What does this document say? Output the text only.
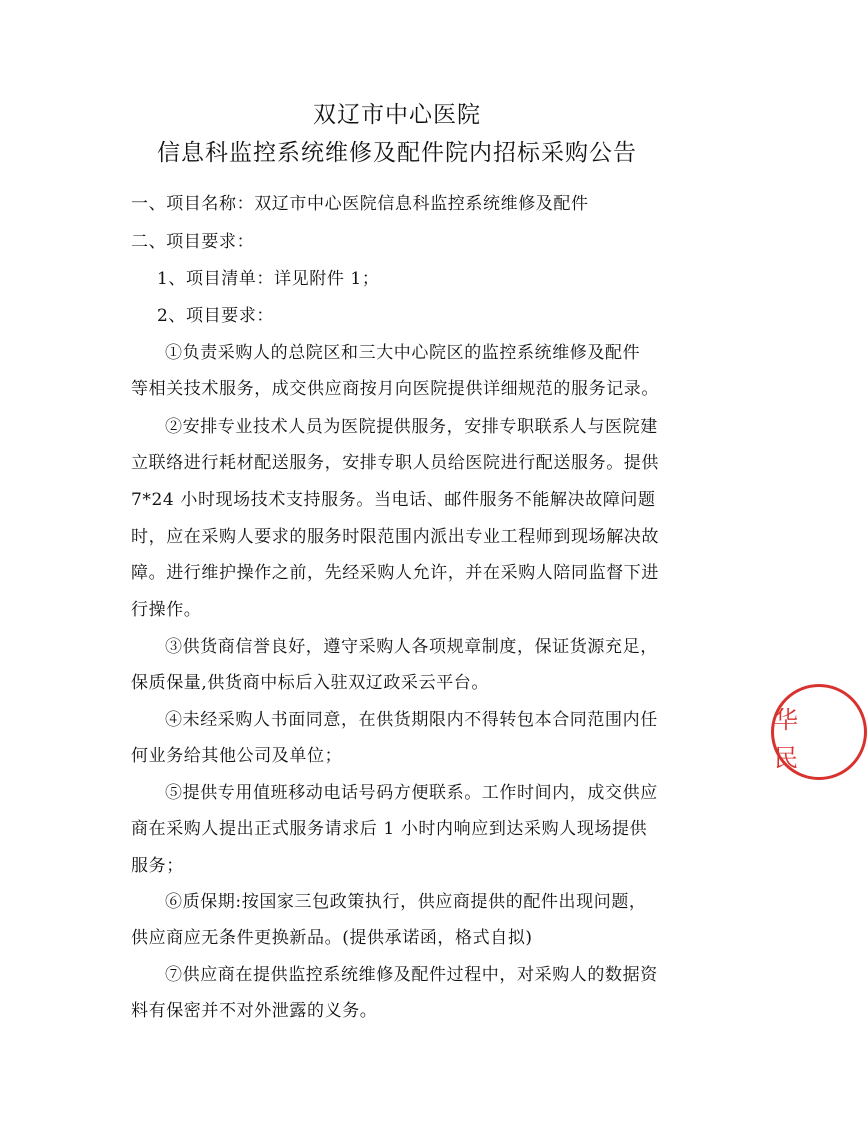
双辽市中心医院
信息科监控系统维修及配件院内招标采购公告
一、项目名称：双辽市中心医院信息科监控系统维修及配件
二、项目要求：
1、项目清单：详见附件 1；
2、项目要求：
①负责采购人的总院区和三大中心院区的监控系统维修及配件
等相关技术服务，成交供应商按月向医院提供详细规范的服务记录。
②安排专业技术人员为医院提供服务，安排专职联系人与医院建
立联络进行耗材配送服务，安排专职人员给医院进行配送服务。提供
7*24 小时现场技术支持服务。当电话、邮件服务不能解决故障问题
时，应在采购人要求的服务时限范围内派出专业工程师到现场解决故
障。进行维护操作之前，先经采购人允许，并在采购人陪同监督下进
行操作。
③供货商信誉良好，遵守采购人各项规章制度，保证货源充足，
保质保量,供货商中标后入驻双辽政采云平台。
④未经采购人书面同意，在供货期限内不得转包本合同范围内任
何业务给其他公司及单位；
⑤提供专用值班移动电话号码方便联系。工作时间内，成交供应
商在采购人提出正式服务请求后 1 小时内响应到达采购人现场提供
服务；
⑥质保期:按国家三包政策执行，供应商提供的配件出现问题，
供应商应无条件更换新品。(提供承诺函，格式自拟)
⑦供应商在提供监控系统维修及配件过程中，对采购人的数据资
料有保密并不对外泄露的义务。
华
民
